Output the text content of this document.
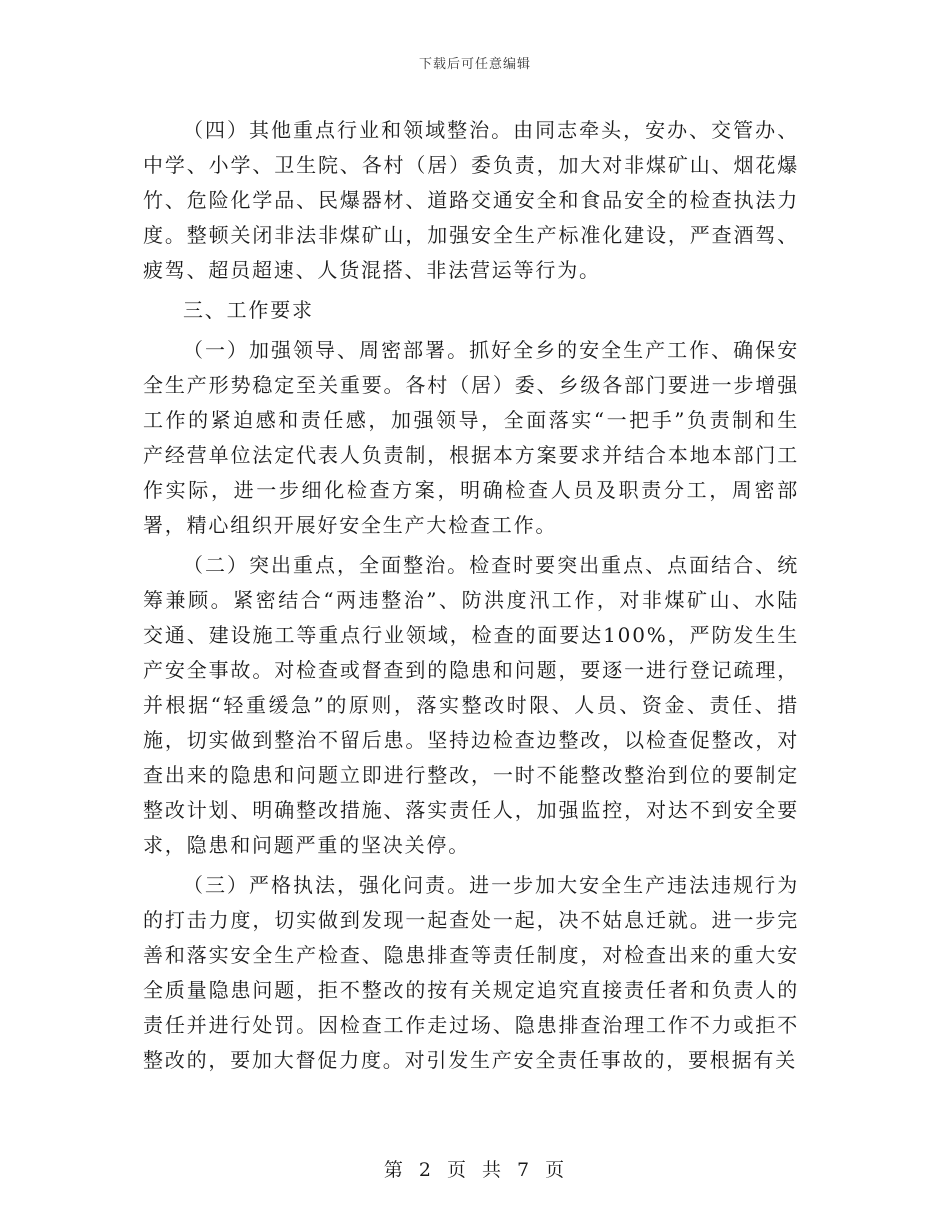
下载后可任意编辑

（四）其他重点行业和领域整治。由同志牵头，安办、交管办、中学、小学、卫生院、各村（居）委负责，加大对非煤矿山、烟花爆竹、危险化学品、民爆器材、道路交通安全和食品安全的检查执法力度。整顿关闭非法非煤矿山，加强安全生产标准化建设，严查酒驾、疲驾、超员超速、人货混搭、非法营运等行为。

三、工作要求

（一）加强领导、周密部署。抓好全乡的安全生产工作、确保安全生产形势稳定至关重要。各村（居）委、乡级各部门要进一步增强工作的紧迫感和责任感，加强领导，全面落实“一把手”负责制和生产经营单位法定代表人负责制，根据本方案要求并结合本地本部门工作实际，进一步细化检查方案，明确检查人员及职责分工，周密部署，精心组织开展好安全生产大检查工作。

（二）突出重点，全面整治。检查时要突出重点、点面结合、统筹兼顾。紧密结合“两违整治”、防洪度汛工作，对非煤矿山、水陆交通、建设施工等重点行业领域，检查的面要达100%，严防发生生产安全事故。对检查或督查到的隐患和问题，要逐一进行登记疏理，并根据“轻重缓急”的原则，落实整改时限、人员、资金、责任、措施，切实做到整治不留后患。坚持边检查边整改，以检查促整改，对查出来的隐患和问题立即进行整改，一时不能整改整治到位的要制定整改计划、明确整改措施、落实责任人，加强监控，对达不到安全要求，隐患和问题严重的坚决关停。

（三）严格执法，强化问责。进一步加大安全生产违法违规行为的打击力度，切实做到发现一起查处一起，决不姑息迁就。进一步完善和落实安全生产检查、隐患排查等责任制度，对检查出来的重大安全质量隐患问题，拒不整改的按有关规定追究直接责任者和负责人的责任并进行处罚。因检查工作走过场、隐患排查治理工作不力或拒不整改的，要加大督促力度。对引发生产安全责任事故的，要根据有关

第 2 页 共 7 页
